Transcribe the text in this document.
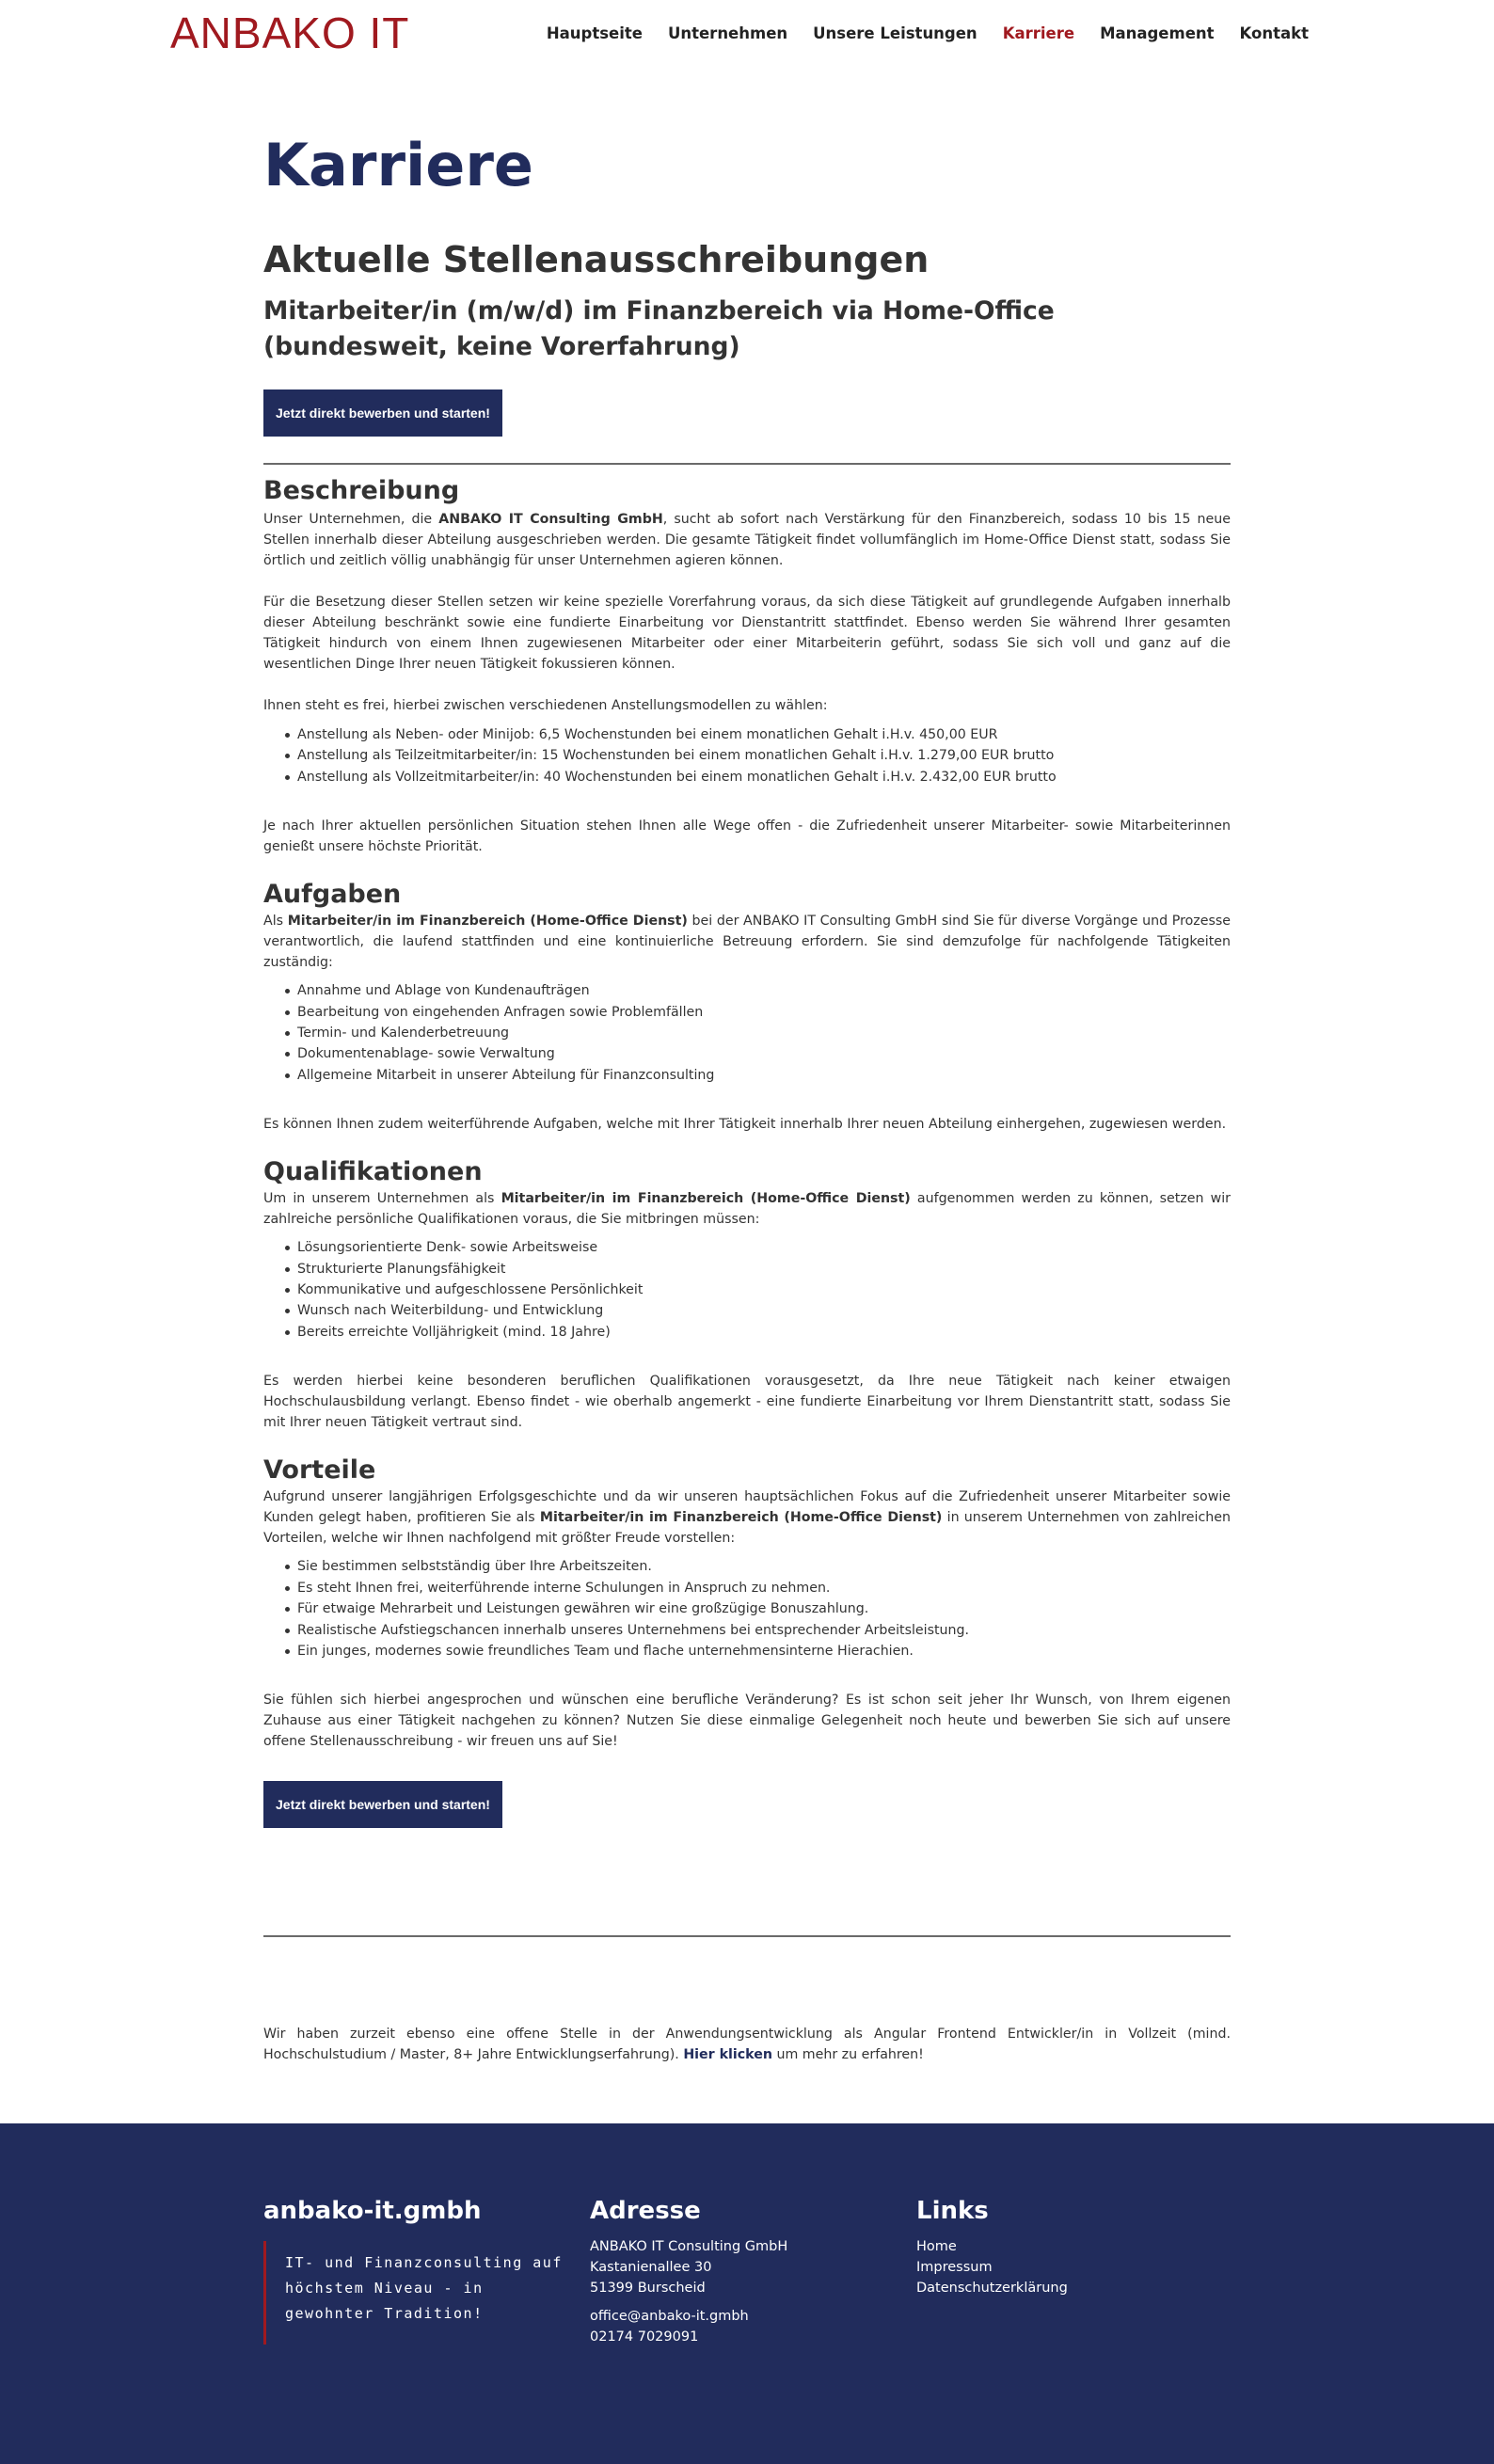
ANBAKO IT	Hauptseite Unternehmen Unsere Leistungen Karriere Management Kontakt
Karriere
Aktuelle Stellenausschreibungen
Mitarbeiter/in (m/w/d) im Finanzbereich via Home-Office (bundesweit, keine Vorerfahrung)
Jetzt direkt bewerben und starten!
Beschreibung

Unser Unternehmen, die ANBAKO IT Consulting GmbH, sucht ab sofort nach Verstärkung für den Finanzbereich, sodass 10 bis 15 neue Stellen innerhalb dieser Abteilung ausgeschrieben werden. Die gesamte Tätigkeit findet vollumfänglich im Home-Office Dienst statt, sodass Sie örtlich und zeitlich völlig unabhängig für unser Unternehmen agieren können.

Für die Besetzung dieser Stellen setzen wir keine spezielle Vorerfahrung voraus, da sich diese Tätigkeit auf grundlegende Aufgaben innerhalb dieser Abteilung beschränkt sowie eine fundierte Einarbeitung vor Dienstantritt stattfindet. Ebenso werden Sie während Ihrer gesamten Tätigkeit hindurch von einem Ihnen zugewiesenen Mitarbeiter oder einer Mitarbeiterin geführt, sodass Sie sich voll und ganz auf die wesentlichen Dinge Ihrer neuen Tätigkeit fokussieren können.

Ihnen steht es frei, hierbei zwischen verschiedenen Anstellungsmodellen zu wählen:

Anstellung als Neben- oder Minijob: 6,5 Wochenstunden bei einem monatlichen Gehalt i.H.v. 450,00 EUR
Anstellung als Teilzeitmitarbeiter/in: 15 Wochenstunden bei einem monatlichen Gehalt i.H.v. 1.279,00 EUR brutto
Anstellung als Vollzeitmitarbeiter/in: 40 Wochenstunden bei einem monatlichen Gehalt i.H.v. 2.432,00 EUR brutto

Je nach Ihrer aktuellen persönlichen Situation stehen Ihnen alle Wege offen - die Zufriedenheit unserer Mitarbeiter- sowie Mitarbeiterinnen genießt unsere höchste Priorität.

Aufgaben

Als Mitarbeiter/in im Finanzbereich (Home-Office Dienst) bei der ANBAKO IT Consulting GmbH sind Sie für diverse Vorgänge und Prozesse verantwortlich, die laufend stattfinden und eine kontinuierliche Betreuung erfordern. Sie sind demzufolge für nachfolgende Tätigkeiten zuständig:

Annahme und Ablage von Kundenaufträgen
Bearbeitung von eingehenden Anfragen sowie Problemfällen
Termin- und Kalenderbetreuung
Dokumentenablage- sowie Verwaltung
Allgemeine Mitarbeit in unserer Abteilung für Finanzconsulting

Es können Ihnen zudem weiterführende Aufgaben, welche mit Ihrer Tätigkeit innerhalb Ihrer neuen Abteilung einhergehen, zugewiesen werden.

Qualifikationen

Um in unserem Unternehmen als Mitarbeiter/in im Finanzbereich (Home-Office Dienst) aufgenommen werden zu können, setzen wir zahlreiche persönliche Qualifikationen voraus, die Sie mitbringen müssen:

Lösungsorientierte Denk- sowie Arbeitsweise
Strukturierte Planungsfähigkeit
Kommunikative und aufgeschlossene Persönlichkeit
Wunsch nach Weiterbildung- und Entwicklung
Bereits erreichte Volljährigkeit (mind. 18 Jahre)

Es werden hierbei keine besonderen beruflichen Qualifikationen vorausgesetzt, da Ihre neue Tätigkeit nach keiner etwaigen Hochschulausbildung verlangt. Ebenso findet - wie oberhalb angemerkt - eine fundierte Einarbeitung vor Ihrem Dienstantritt statt, sodass Sie mit Ihrer neuen Tätigkeit vertraut sind.

Vorteile

Aufgrund unserer langjährigen Erfolgsgeschichte und da wir unseren hauptsächlichen Fokus auf die Zufriedenheit unserer Mitarbeiter sowie Kunden gelegt haben, profitieren Sie als Mitarbeiter/in im Finanzbereich (Home-Office Dienst) in unserem Unternehmen von zahlreichen Vorteilen, welche wir Ihnen nachfolgend mit größter Freude vorstellen:

Sie bestimmen selbstständig über Ihre Arbeitszeiten.
Es steht Ihnen frei, weiterführende interne Schulungen in Anspruch zu nehmen.
Für etwaige Mehrarbeit und Leistungen gewähren wir eine großzügige Bonuszahlung.
Realistische Aufstiegschancen innerhalb unseres Unternehmens bei entsprechender Arbeitsleistung.
Ein junges, modernes sowie freundliches Team und flache unternehmensinterne Hierachien.

Sie fühlen sich hierbei angesprochen und wünschen eine berufliche Veränderung? Es ist schon seit jeher Ihr Wunsch, von Ihrem eigenen Zuhause aus einer Tätigkeit nachgehen zu können? Nutzen Sie diese einmalige Gelegenheit noch heute und bewerben Sie sich auf unsere offene Stellenausschreibung - wir freuen uns auf Sie!

Jetzt direkt bewerben und starten!

Wir haben zurzeit ebenso eine offene Stelle in der Anwendungsentwicklung als Angular Frontend Entwickler/in in Vollzeit (mind. Hochschulstudium / Master, 8+ Jahre Entwicklungserfahrung). Hier klicken um mehr zu erfahren!

anbako-it.gmbh
IT- und Finanzconsulting auf höchstem Niveau - in gewohnter Tradition!
Adresse
ANBAKO IT Consulting GmbH
Kastanienallee 30
51399 Burscheid
office@anbako-it.gmbh
02174 7029091
Links
Home
Impressum
Datenschutzerklärung
